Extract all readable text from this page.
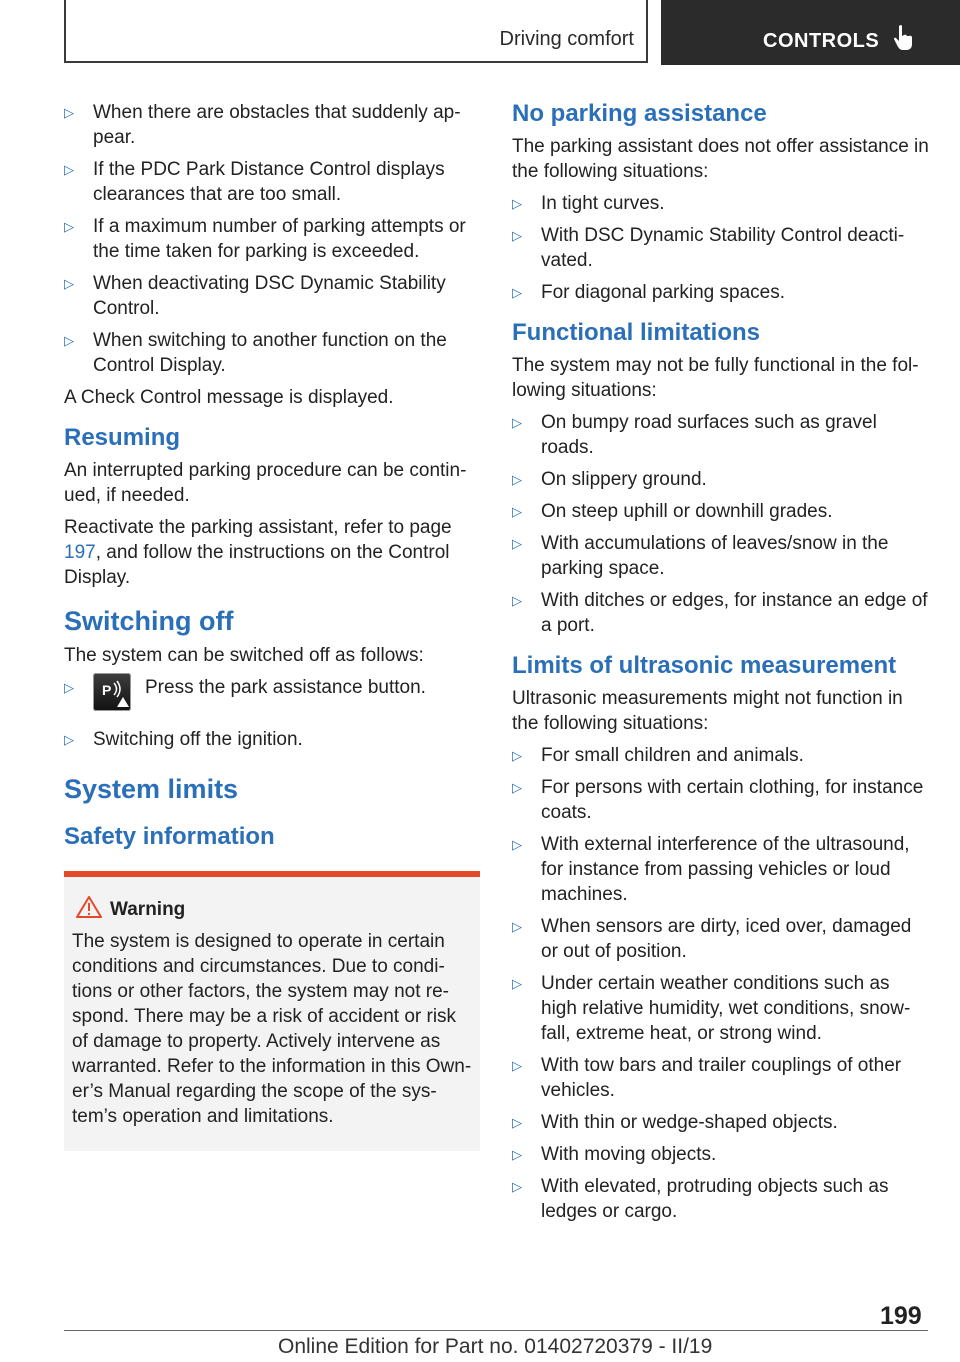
Driving comfort	CONTROLS
▷ When there are obstacles that suddenly ap- pear.
▷ If the PDC Park Distance Control displays clearances that are too small.
▷ If a maximum number of parking attempts or the time taken for parking is exceeded.
▷ When deactivating DSC Dynamic Stability Control.
▷ When switching to another function on the Control Display.

A Check Control message is displayed.

Resuming

An interrupted parking procedure can be contin-ued, if needed.

Reactivate the parking assistant, refer to page 197, and follow the instructions on the Control Display.

Switching off

The system can be switched off as follows:

▷ P Press the park assistance button.
▷ Switching off the ignition.
System limits
Safety information
Warning
The system is designed to operate in certain conditions and circumstances. Due to condi-tions or other factors, the system may not re-spond. There may be a risk of accident or risk of damage to property. Actively intervene as warranted. Refer to the information in this Own-er’s Manual regarding the scope of the sys-tem’s operation and limitations.
No parking assistance

The parking assistant does not offer assistance in the following situations:

▷ In tight curves.
▷ With DSC Dynamic Stability Control deacti-vated.
▷ For diagonal parking spaces.
Functional limitations

The system may not be fully functional in the fol-lowing situations:

▷ On bumpy road surfaces such as gravel roads.
▷ On slippery ground.
▷ On steep uphill or downhill grades.
▷ With accumulations of leaves/snow in the parking space.
▷ With ditches or edges, for instance an edge of a port.
Limits of ultrasonic measurement

Ultrasonic measurements might not function in the following situations:

▷ For small children and animals.
▷ For persons with certain clothing, for instance coats.
▷ With external interference of the ultrasound, for instance from passing vehicles or loud machines.
▷ When sensors are dirty, iced over, damaged or out of position.
▷ Under certain weather conditions such as high relative humidity, wet conditions, snow-fall, extreme heat, or strong wind.
▷ With tow bars and trailer couplings of other vehicles.
▷ With thin or wedge-shaped objects.
▷ With moving objects.
▷ With elevated, protruding objects such as ledges or cargo.
199
Online Edition for Part no. 01402720379 - II/19
